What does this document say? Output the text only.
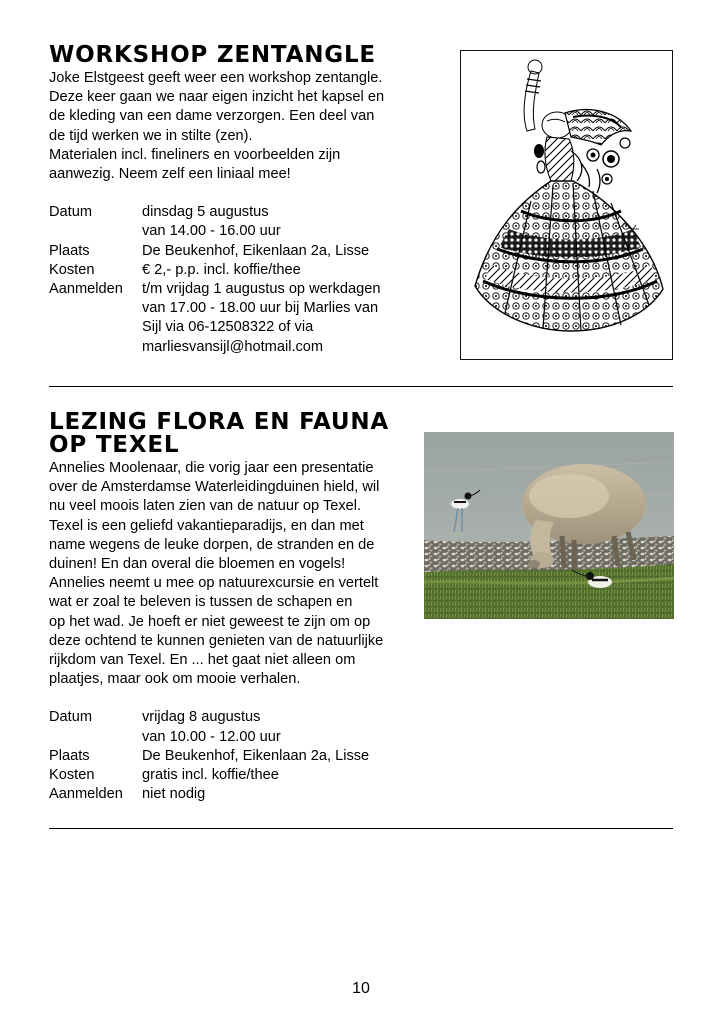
WORKSHOP ZENTANGLE
Joke Elstgeest geeft weer een workshop zentangle.
Deze keer gaan we naar eigen inzicht het kapsel en
de kleding van een dame verzorgen. Een deel van
de tijd werken we in stilte (zen).
Materialen incl. fineliners en voorbeelden zijn
aanwezig. Neem zelf een liniaal mee!
Datum	dinsdag 5 augustus
van 14.00 - 16.00 uur

Plaats	De Beukenhof, Eikenlaan 2a, Lisse
Kosten	€ 2,- p.p. incl. koffie/thee
Aanmelden	t/m vrijdag 1 augustus op werkdagen
van 17.00 - 18.00 uur bij Marlies van
Sijl via 06-12508322 of via
marliesvansijl@hotmail.com
LEZING FLORA EN FAUNA
OP TEXEL
Annelies Moolenaar, die vorig jaar een presentatie
over de Amsterdamse Waterleidingduinen hield, wil
nu veel moois laten zien van de natuur op Texel.
Texel is een geliefd vakantieparadijs, en dan met
name wegens de leuke dorpen, de stranden en de
duinen! En dan overal die bloemen en vogels!
Annelies neemt u mee op natuurexcursie en vertelt
wat er zoal te beleven is tussen de schapen en
op het wad. Je hoeft er niet geweest te zijn om op
deze ochtend te kunnen genieten van de natuurlijke
rijkdom van Texel. En ... het gaat niet alleen om
plaatjes, maar ook om mooie verhalen.
Datum	vrijdag 8 augustus
van 10.00 - 12.00 uur

Plaats	De Beukenhof, Eikenlaan 2a, Lisse
Kosten	gratis incl. koffie/thee
Aanmelden	niet nodig
10
